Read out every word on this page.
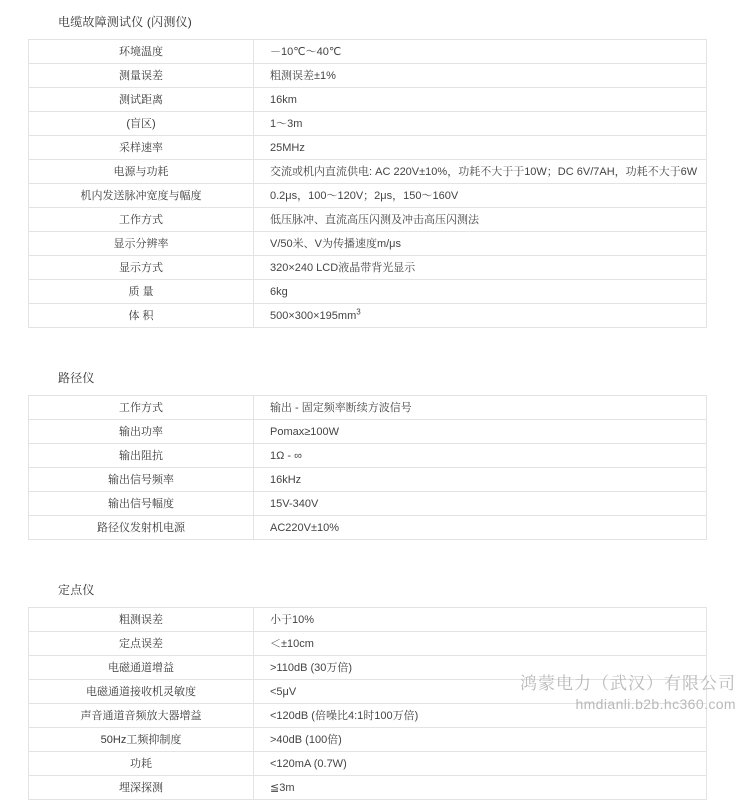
电缆故障测试仪 (闪测仪)
环境温度	－10℃～40℃
测量误差	粗测误差±1%
测试距离	16km
(盲区)	1～3m
采样速率	25MHz
电源与功耗	交流或机内直流供电: AC 220V±10%，功耗不大于于10W；DC 6V/7AH，功耗不大于6W
机内发送脉冲宽度与幅度	0.2μs，100～120V；2μs，150～160V
工作方式	低压脉冲、直流高压闪测及冲击高压闪测法
显示分辨率	V/50米、V为传播速度m/μs
显示方式	320×240 LCD液晶带背光显示
质 量	6kg
体 积	$500\times 300\times 195mm^3$
路径仪
工作方式	输出 - 固定频率断续方波信号
输出功率	Pomax≥100W
输出阻抗	1Ω - ∞
输出信号频率	16kHz
输出信号幅度	15V-340V
路径仪发射机电源	AC220V±10%
定点仪
粗测误差	小于10%
定点误差	＜±10cm
电磁通道增益	>110dB (30万倍)
电磁通道接收机灵敏度	<5μV
声音通道音频放大器增益	<120dB (倍噪比4:1时100万倍)
50Hz工频抑制度	>40dB (100倍)
功耗	<120mA (0.7W)
埋深探测	≦3m
鸿蒙电力（武汉）有限公司
hmdianli.b2b.hc360.com
